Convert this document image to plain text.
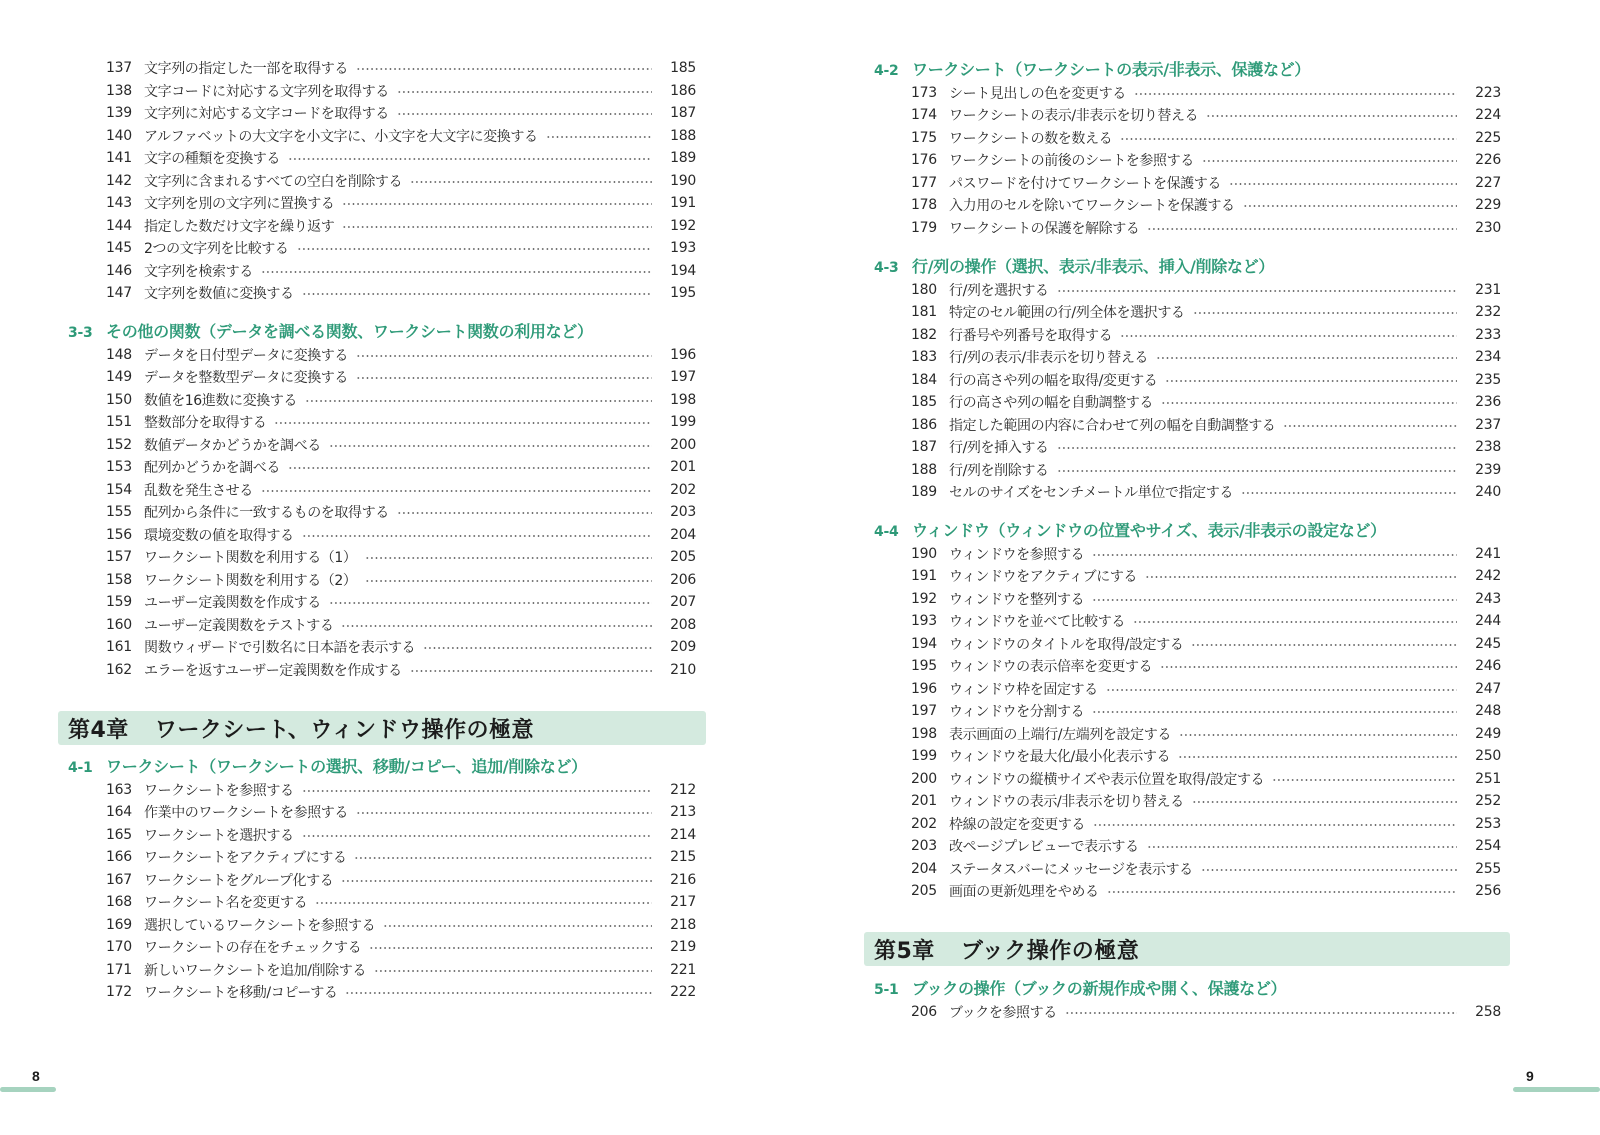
137 文字列の指定した一部を取得する	185
138 文字コードに対応する文字列を取得する	186
139 文字列に対応する文字コードを取得する	187
140 アルファベットの大文字を小文字に、小文字を大文字に変換する	188
141 文字の種類を変換する	189
142 文字列に含まれるすべての空白を削除する	190
143 文字列を別の文字列に置換する	191
144 指定した数だけ文字を繰り返す	192
145 2つの文字列を比較する	193
146 文字列を検索する	194
147 文字列を数値に変換する	195
3-3 その他の関数（データを調べる関数、ワークシート関数の利用など）
148 データを日付型データに変換する	196
149 データを整数型データに変換する	197
150 数値を16進数に変換する	198
151 整数部分を取得する	199
152 数値データかどうかを調べる	200
153 配列かどうかを調べる	201
154 乱数を発生させる	202
155 配列から条件に一致するものを取得する	203
156 環境変数の値を取得する	204
157 ワークシート関数を利用する（1）	205
158 ワークシート関数を利用する（2）	206
159 ユーザー定義関数を作成する	207
160 ユーザー定義関数をテストする	208
161 関数ウィザードで引数名に日本語を表示する	209
162 エラーを返すユーザー定義関数を作成する	210
4-1 ワークシート（ワークシートの選択、移動/コピー、追加/削除など）
163 ワークシートを参照する	212
164 作業中のワークシートを参照する	213
165 ワークシートを選択する	214
166 ワークシートをアクティブにする	215
167 ワークシートをグループ化する	216
168 ワークシート名を変更する	217
169 選択しているワークシートを参照する	218
170 ワークシートの存在をチェックする	219
171 新しいワークシートを追加/削除する	221
172 ワークシートを移動/コピーする	222
第4章 ワークシート、ウィンドウ操作の極意
8
4-2 ワークシート（ワークシートの表示/非表示、保護など）
173 シート見出しの色を変更する	223
174 ワークシートの表示/非表示を切り替える	224
175 ワークシートの数を数える	225
176 ワークシートの前後のシートを参照する	226
177 パスワードを付けてワークシートを保護する	227
178 入力用のセルを除いてワークシートを保護する	229
179 ワークシートの保護を解除する	230
4-3 行/列の操作（選択、表示/非表示、挿入/削除など）
180 行/列を選択する	231
181 特定のセル範囲の行/列全体を選択する	232
182 行番号や列番号を取得する	233
183 行/列の表示/非表示を切り替える	234
184 行の高さや列の幅を取得/変更する	235
185 行の高さや列の幅を自動調整する	236
186 指定した範囲の内容に合わせて列の幅を自動調整する	237
187 行/列を挿入する	238
188 行/列を削除する	239
189 セルのサイズをセンチメートル単位で指定する	240
4-4 ウィンドウ（ウィンドウの位置やサイズ、表示/非表示の設定など）
190 ウィンドウを参照する	241
191 ウィンドウをアクティブにする	242
192 ウィンドウを整列する	243
193 ウィンドウを並べて比較する	244
194 ウィンドウのタイトルを取得/設定する	245
195 ウィンドウの表示倍率を変更する	246
196 ウィンドウ枠を固定する	247
197 ウィンドウを分割する	248
198 表示画面の上端行/左端列を設定する	249
199 ウィンドウを最大化/最小化表示する	250
200 ウィンドウの縦横サイズや表示位置を取得/設定する	251
201 ウィンドウの表示/非表示を切り替える	252
202 枠線の設定を変更する	253
203 改ページプレビューで表示する	254
204 ステータスバーにメッセージを表示する	255
205 画面の更新処理をやめる	256
5-1 ブックの操作（ブックの新規作成や開く、保護など）
206 ブックを参照する	258
第5章 ブック操作の極意
9
